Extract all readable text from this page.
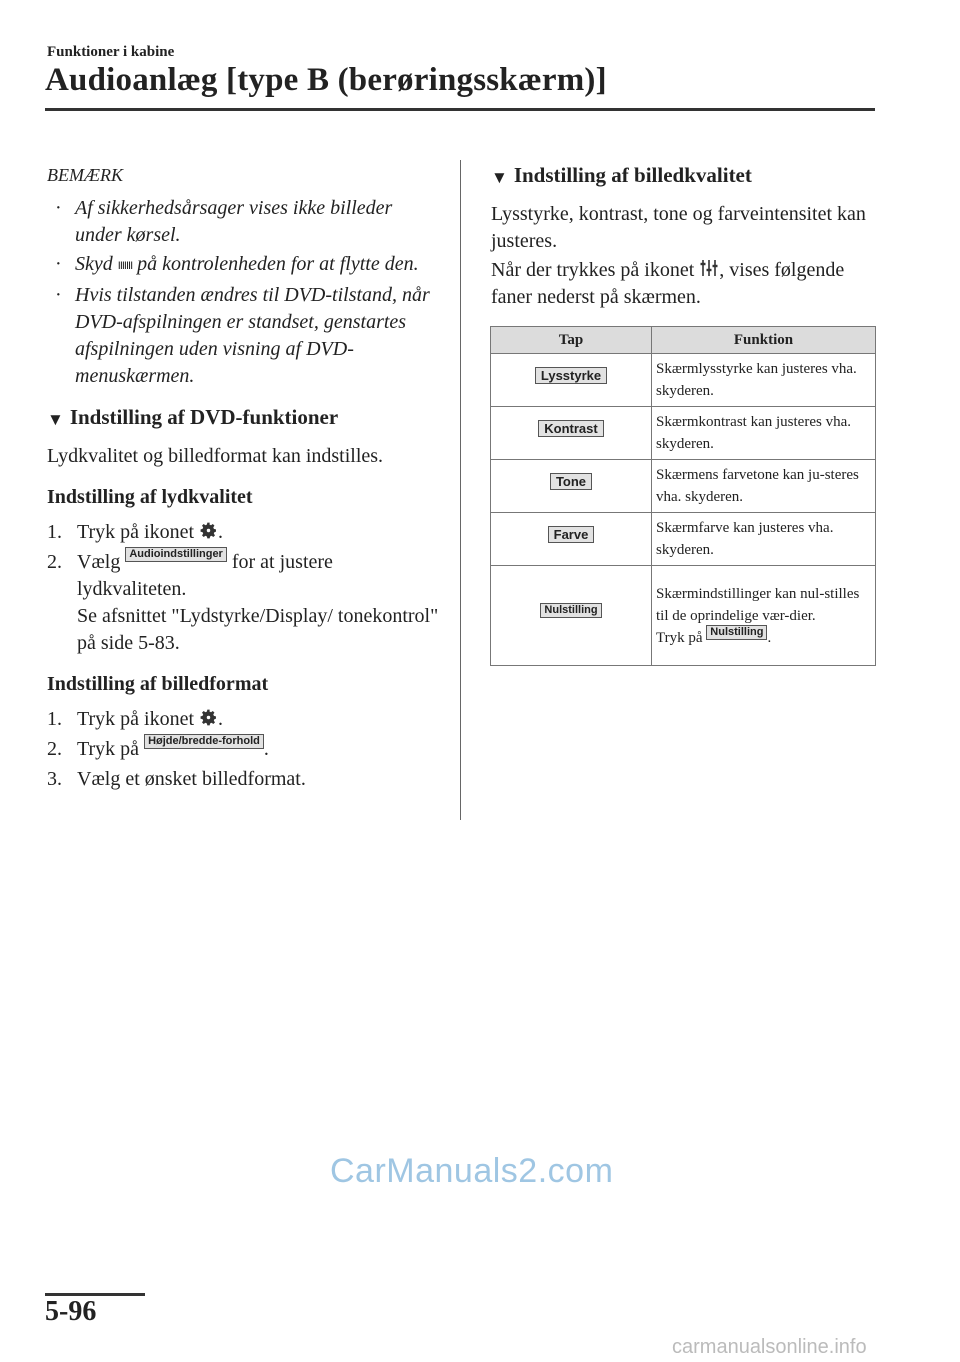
Funktioner i kabine
Audioanlæg [type B (berøringsskærm)]
BEMÆRK
· Af sikkerhedsårsager vises ikke billeder under kørsel.
· Skyd IIIIIII på kontrolenheden for at flytte den.
· Hvis tilstanden ændres til DVD-tilstand, når DVD-afspilningen er standset, genstartes afspilningen uden visning af DVD-menuskærmen.
▼ Indstilling af DVD-funktioner

Lydkvalitet og billedformat kan indstilles.

Indstilling af lydkvalitet
1. Tryk på ikonet .
2. Vælg Audioindstillinger for at justere lydkvaliteten.
Se afsnittet "Lydstyrke/Display/ tonekontrol" på side 5-83.
Indstilling af billedformat
1. Tryk på ikonet .
2. Tryk på Højde/bredde-forhold .
3. Vælg et ønsket billedformat.
▼ Indstilling af billedkvalitet

Lysstyrke, kontrast, tone og farveintensitet kan justeres.

Når der trykkes på ikonet , vises følgende faner nederst på skærmen.

Tap	Funktion
Lysstyrke	Skærmlysstyrke kan justeres vha. skyderen.
Kontrast	Skærmkontrast kan justeres vha. skyderen.
Tone	Skærmens farvetone kan ju-steres vha. skyderen.
Farve	Skærmfarve kan justeres vha. skyderen.
Nulstilling	Skærmindstillinger kan nul-stilles til de oprindelige vær-dier.
Tryk på Nulstilling .
CarManuals2.com
5-96
carmanualsonline.info
